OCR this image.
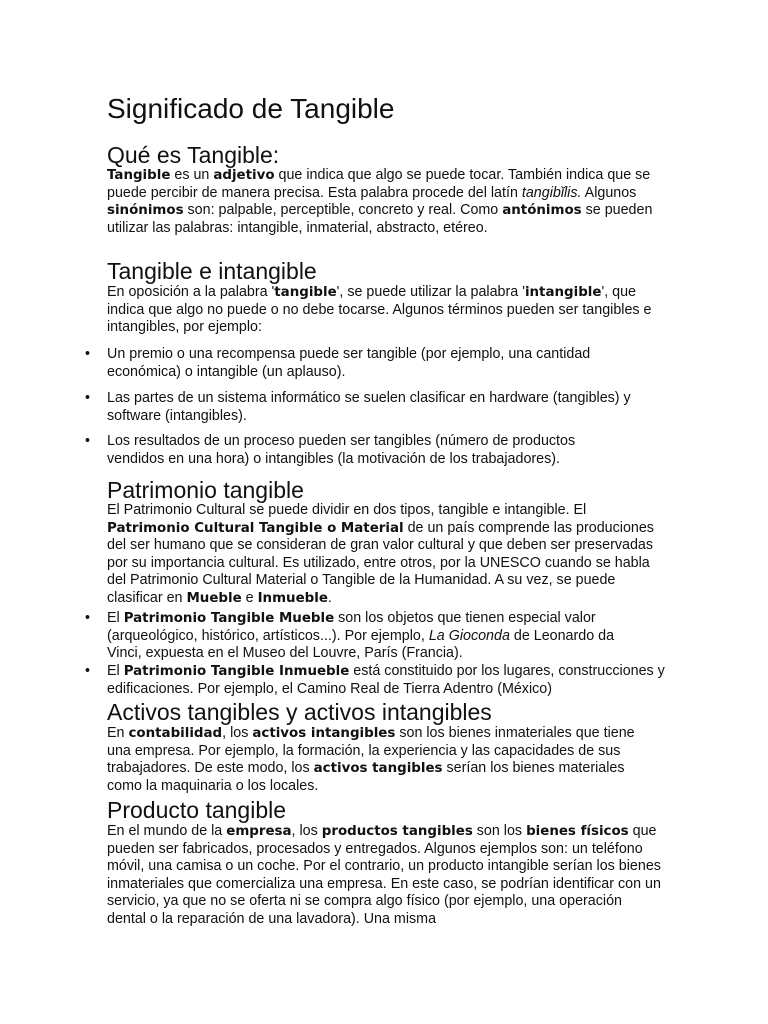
Significado de Tangible
Qué es Tangible:

Tangible es un adjetivo que indica que algo se puede tocar. También indica que se puede percibir de manera precisa. Esta palabra procede del latín tangibĭlis. Algunos sinónimos son: palpable, perceptible, concreto y real. Como antónimos se pueden utilizar las palabras: intangible, inmaterial, abstracto, etéreo.

Tangible e intangible

En oposición a la palabra 'tangible', se puede utilizar la palabra 'intangible', que indica que algo no puede o no debe tocarse. Algunos términos pueden ser tangibles e intangibles, por ejemplo:

• Un premio o una recompensa puede ser tangible (por ejemplo, una cantidad económica) o intangible (un aplauso).

• Las partes de un sistema informático se suelen clasificar en hardware (tangibles) y software (intangibles).

• Los resultados de un proceso pueden ser tangibles (número de productos vendidos en una hora) o intangibles (la motivación de los trabajadores).

Patrimonio tangible

El Patrimonio Cultural se puede dividir en dos tipos, tangible e intangible. El Patrimonio Cultural Tangible o Material de un país comprende las produciones del ser humano que se consideran de gran valor cultural y que deben ser preservadas por su importancia cultural. Es utilizado, entre otros, por la UNESCO cuando se habla del Patrimonio Cultural Material o Tangible de la Humanidad. A su vez, se puede clasificar en Mueble e Inmueble.

• El Patrimonio Tangible Mueble son los objetos que tienen especial valor (arqueológico, histórico, artísticos...). Por ejemplo, La Gioconda de Leonardo da Vinci, expuesta en el Museo del Louvre, París (Francia).

• El Patrimonio Tangible Inmueble está constituido por los lugares, construcciones y edificaciones. Por ejemplo, el Camino Real de Tierra Adentro (México)

Activos tangibles y activos intangibles

En contabilidad, los activos intangibles son los bienes inmateriales que tiene una empresa. Por ejemplo, la formación, la experiencia y las capacidades de sus trabajadores. De este modo, los activos tangibles serían los bienes materiales como la maquinaria o los locales.

Producto tangible

En el mundo de la empresa, los productos tangibles son los bienes físicos que pueden ser fabricados, procesados y entregados. Algunos ejemplos son: un teléfono móvil, una camisa o un coche. Por el contrario, un producto intangible serían los bienes inmateriales que comercializa una empresa. En este caso, se podrían identificar con un servicio, ya que no se oferta ni se compra algo físico (por ejemplo, una operación dental o la reparación de una lavadora). Una misma
